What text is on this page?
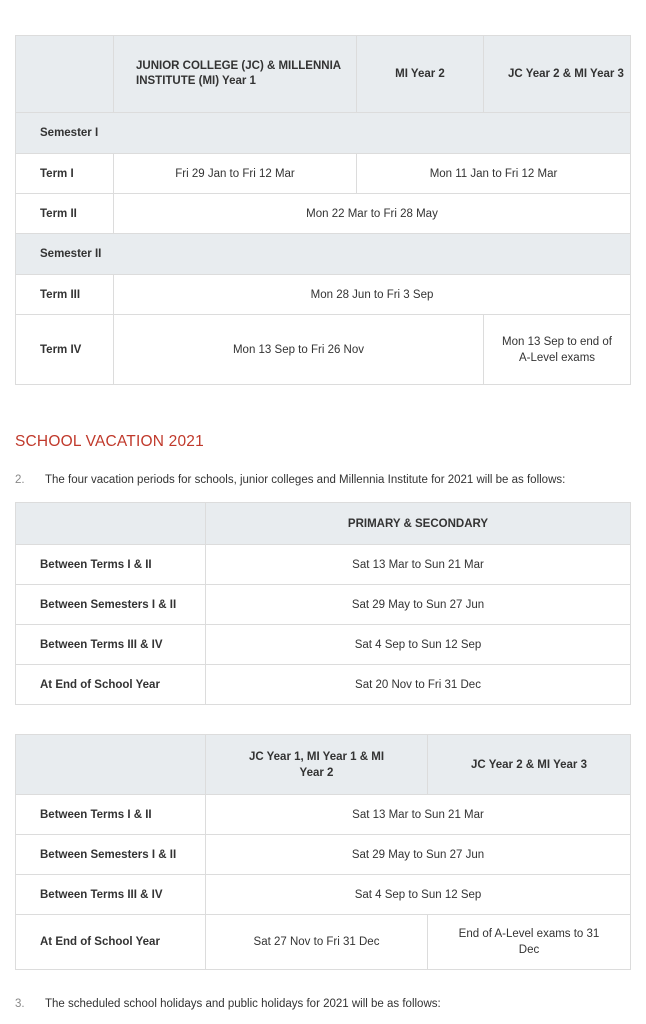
	JUNIOR COLLEGE (JC) & MILLENNIA INSTITUTE (MI) Year 1	MI Year 2	JC Year 2 & MI Year 3
Semester I			
Term I	Fri 29 Jan to Fri 12 Mar	Mon 11 Jan to Fri 12 Mar	
Term II	Mon 22 Mar to Fri 28 May		
Semester II			
Term III	Mon 28 Jun to Fri 3 Sep		
Term IV	Mon 13 Sep to Fri 26 Nov		Mon 13 Sep to end of A-Level exams
SCHOOL VACATION 2021

2. The four vacation periods for schools, junior colleges and Millennia Institute for 2021 will be as follows:

	PRIMARY & SECONDARY
Between Terms I & II	Sat 13 Mar to Sun 21 Mar
Between Semesters I & II	Sat 29 May to Sun 27 Jun
Between Terms III & IV	Sat 4 Sep to Sun 12 Sep
At End of School Year	Sat 20 Nov to Fri 31 Dec
	JC Year 1, MI Year 1 & MI Year 2	JC Year 2 & MI Year 3
Between Terms I & II	Sat 13 Mar to Sun 21 Mar	
Between Semesters I & II	Sat 29 May to Sun 27 Jun	
Between Terms III & IV	Sat 4 Sep to Sun 12 Sep	
At End of School Year	Sat 27 Nov to Fri 31 Dec	End of A-Level exams to 31 Dec

3. The scheduled school holidays and public holidays for 2021 will be as follows:
